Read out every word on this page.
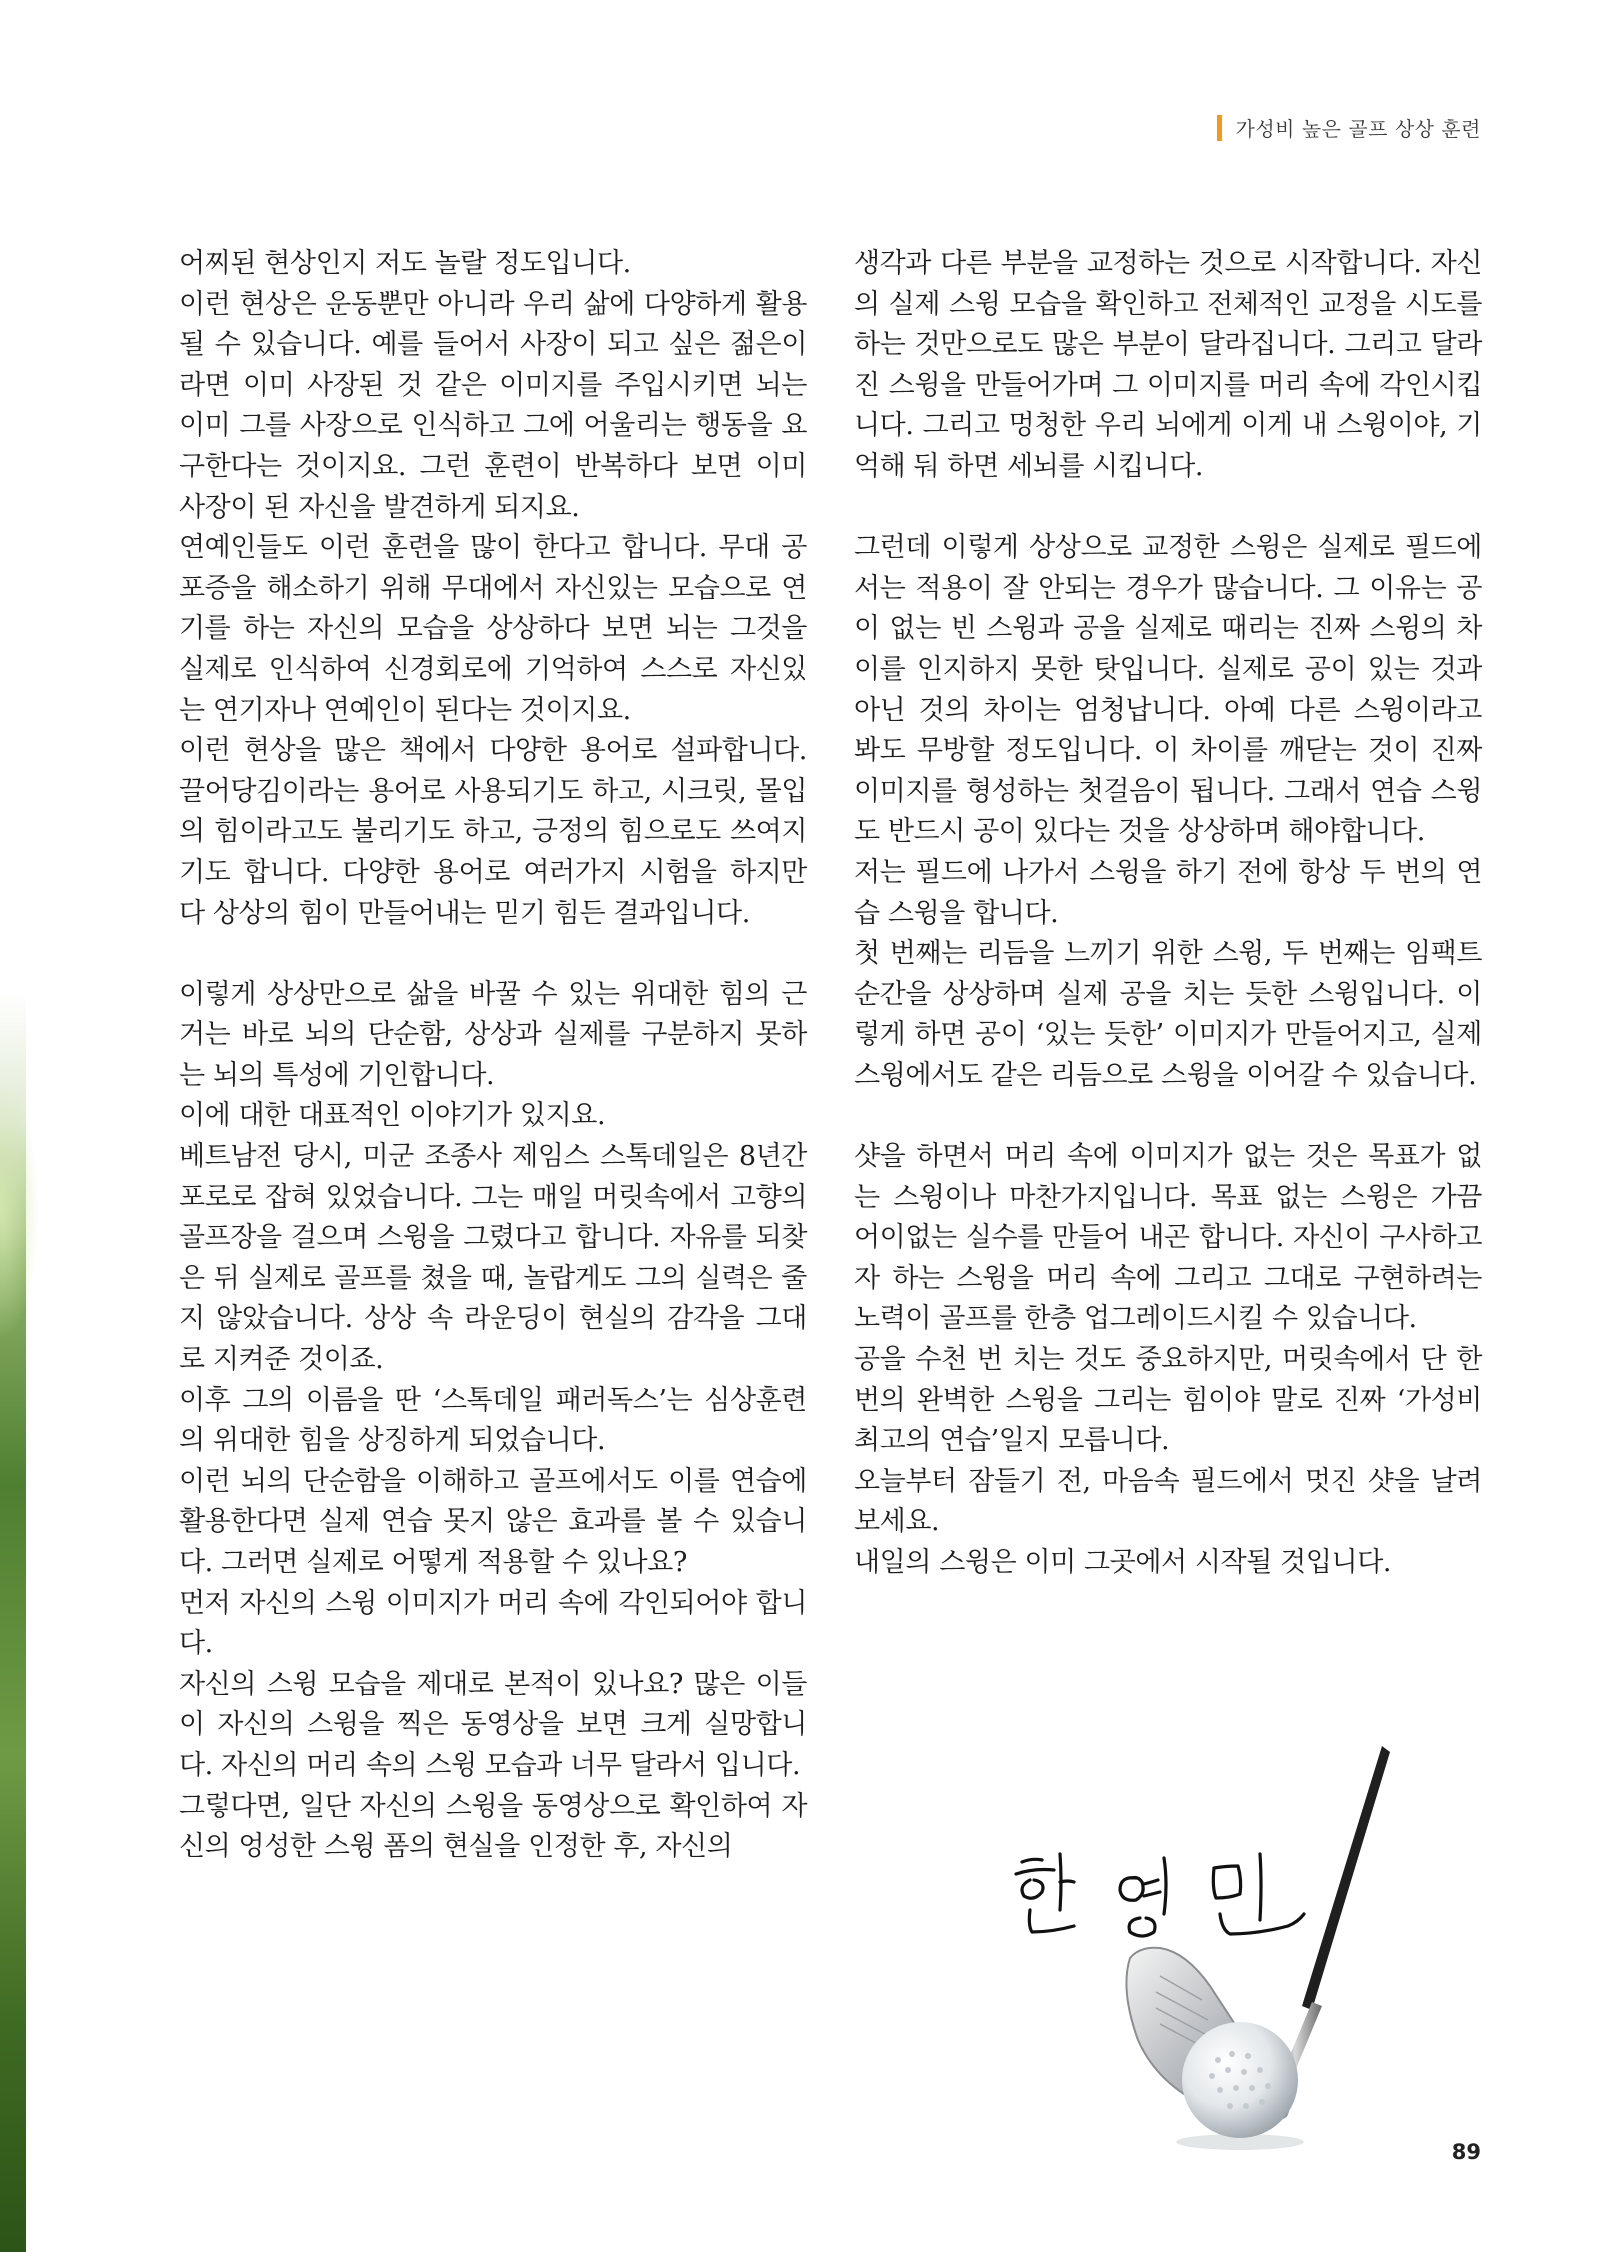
가성비 높은 골프 상상 훈련

어찌된 현상인지 저도 놀랄 정도입니다.

이런 현상은 운동뿐만 아니라 우리 삶에 다양하게 활용될 수 있습니다. 예를 들어서 사장이 되고 싶은 젊은이라면 이미 사장된 것 같은 이미지를 주입시키면 뇌는 이미 그를 사장으로 인식하고 그에 어울리는 행동을 요구한다는 것이지요. 그런 훈련이 반복하다 보면 이미 사장이 된 자신을 발견하게 되지요.

연예인들도 이런 훈련을 많이 한다고 합니다. 무대 공포증을 해소하기 위해 무대에서 자신있는 모습으로 연기를 하는 자신의 모습을 상상하다 보면 뇌는 그것을 실제로 인식하여 신경회로에 기억하여 스스로 자신있는 연기자나 연예인이 된다는 것이지요.

이런 현상을 많은 책에서 다양한 용어로 설파합니다. 끌어당김이라는 용어로 사용되기도 하고, 시크릿, 몰입의 힘이라고도 불리기도 하고, 긍정의 힘으로도 쓰여지기도 합니다. 다양한 용어로 여러가지 시험을 하지만 다 상상의 힘이 만들어내는 믿기 힘든 결과입니다.

이렇게 상상만으로 삶을 바꿀 수 있는 위대한 힘의 근거는 바로 뇌의 단순함, 상상과 실제를 구분하지 못하는 뇌의 특성에 기인합니다.

이에 대한 대표적인 이야기가 있지요.

베트남전 당시, 미군 조종사 제임스 스톡데일은 8년간 포로로 잡혀 있었습니다. 그는 매일 머릿속에서 고향의 골프장을 걸으며 스윙을 그렸다고 합니다. 자유를 되찾은 뒤 실제로 골프를 쳤을 때, 놀랍게도 그의 실력은 줄지 않았습니다. 상상 속 라운딩이 현실의 감각을 그대로 지켜준 것이죠.

이후 그의 이름을 딴 ‘스톡데일 패러독스’는 심상훈련의 위대한 힘을 상징하게 되었습니다.

이런 뇌의 단순함을 이해하고 골프에서도 이를 연습에 활용한다면 실제 연습 못지 않은 효과를 볼 수 있습니다. 그러면 실제로 어떻게 적용할 수 있나요?

먼저 자신의 스윙 이미지가 머리 속에 각인되어야 합니다.

자신의 스윙 모습을 제대로 본적이 있나요? 많은 이들이 자신의 스윙을 찍은 동영상을 보면 크게 실망합니다. 자신의 머리 속의 스윙 모습과 너무 달라서 입니다.

그렇다면, 일단 자신의 스윙을 동영상으로 확인하여 자신의 엉성한 스윙 폼의 현실을 인정한 후, 자신의

생각과 다른 부분을 교정하는 것으로 시작합니다. 자신의 실제 스윙 모습을 확인하고 전체적인 교정을 시도를 하는 것만으로도 많은 부분이 달라집니다. 그리고 달라진 스윙을 만들어가며 그 이미지를 머리 속에 각인시킵니다. 그리고 멍청한 우리 뇌에게 이게 내 스윙이야, 기억해 둬 하면 세뇌를 시킵니다.

그런데 이렇게 상상으로 교정한 스윙은 실제로 필드에서는 적용이 잘 안되는 경우가 많습니다. 그 이유는 공이 없는 빈 스윙과 공을 실제로 때리는 진짜 스윙의 차이를 인지하지 못한 탓입니다. 실제로 공이 있는 것과 아닌 것의 차이는 엄청납니다. 아예 다른 스윙이라고 봐도 무방할 정도입니다. 이 차이를 깨닫는 것이 진짜 이미지를 형성하는 첫걸음이 됩니다. 그래서 연습 스윙도 반드시 공이 있다는 것을 상상하며 해야합니다.

저는 필드에 나가서 스윙을 하기 전에 항상 두 번의 연습 스윙을 합니다.

첫 번째는 리듬을 느끼기 위한 스윙, 두 번째는 임팩트 순간을 상상하며 실제 공을 치는 듯한 스윙입니다. 이렇게 하면 공이 ‘있는 듯한’ 이미지가 만들어지고, 실제 스윙에서도 같은 리듬으로 스윙을 이어갈 수 있습니다.

샷을 하면서 머리 속에 이미지가 없는 것은 목표가 없는 스윙이나 마찬가지입니다. 목표 없는 스윙은 가끔 어이없는 실수를 만들어 내곤 합니다. 자신이 구사하고자 하는 스윙을 머리 속에 그리고 그대로 구현하려는 노력이 골프를 한층 업그레이드시킬 수 있습니다.

공을 수천 번 치는 것도 중요하지만, 머릿속에서 단 한 번의 완벽한 스윙을 그리는 힘이야 말로 진짜 ‘가성비 최고의 연습’일지 모릅니다.

오늘부터 잠들기 전, 마음속 필드에서 멋진 샷을 날려보세요.

내일의 스윙은 이미 그곳에서 시작될 것입니다.

89
